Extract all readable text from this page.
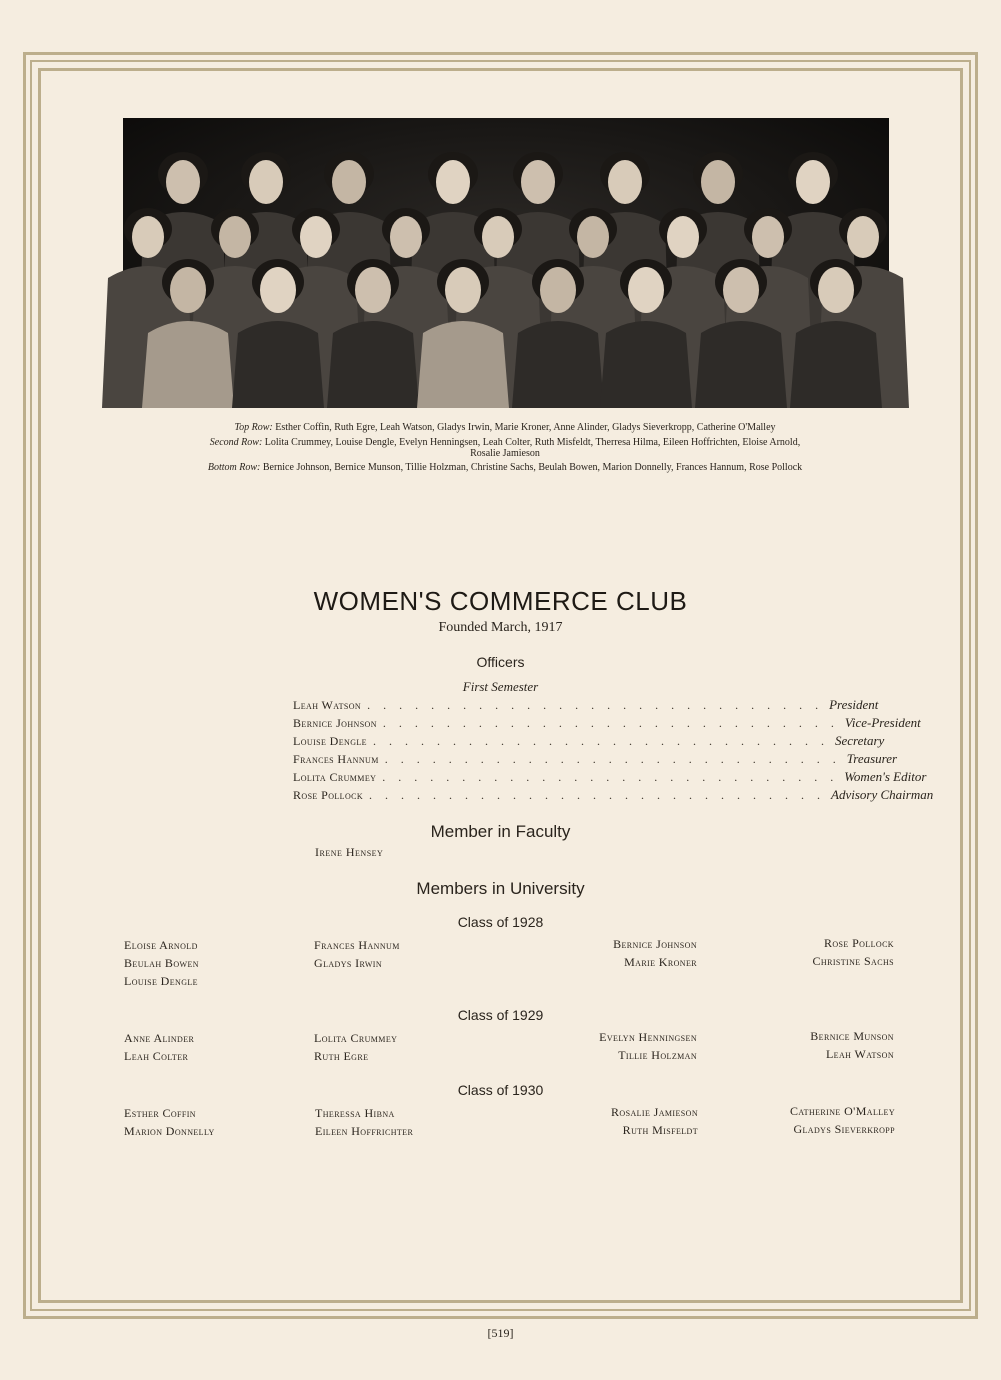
Top Row: Esther Coffin, Ruth Egre, Leah Watson, Gladys Irwin, Marie Kroner, Anne Alinder, Gladys Sieverkropp, Catherine O'Malley
Second Row: Lolita Crummey, Louise Dengle, Evelyn Henningsen, Leah Colter, Ruth Misfeldt, Therresa Hilma, Eileen Hoffrichten, Eloise Arnold,
Rosalie Jamieson
Bottom Row: Bernice Johnson, Bernice Munson, Tillie Holzman, Christine Sachs, Beulah Bowen, Marion Donnelly, Frances Hannum, Rose Pollock
WOMEN'S COMMERCE CLUB
Founded March, 1917
Officers
First Semester
Leah Watson . . . . . . . . . . . . . . . . . . . . . . . . . . . . . President
Bernice Johnson . . . . . . . . . . . . . . . . . . . . . . . . . . . . . Vice-President
Louise Dengle . . . . . . . . . . . . . . . . . . . . . . . . . . . . . Secretary
Frances Hannum . . . . . . . . . . . . . . . . . . . . . . . . . . . . . Treasurer
Lolita Crummey . . . . . . . . . . . . . . . . . . . . . . . . . . . . . Women's Editor
Rose Pollock . . . . . . . . . . . . . . . . . . . . . . . . . . . . . Advisory Chairman
Member in Faculty
Irene Hensey
Members in University
Class of 1928
Eloise Arnold
Beulah Bowen
Louise Dengle
Frances Hannum
Gladys Irwin
Bernice Johnson
Marie Kroner
Rose Pollock
Christine Sachs
Class of 1929
Anne Alinder
Leah Colter
Lolita Crummey
Ruth Egre
Evelyn Henningsen
Tillie Holzman
Bernice Munson
Leah Watson
Class of 1930
Esther Coffin
Marion Donnelly
Theressa Hibna
Eileen Hoffrichter
Rosalie Jamieson
Ruth Misfeldt
Catherine O'Malley
Gladys Sieverkropp
[519]
